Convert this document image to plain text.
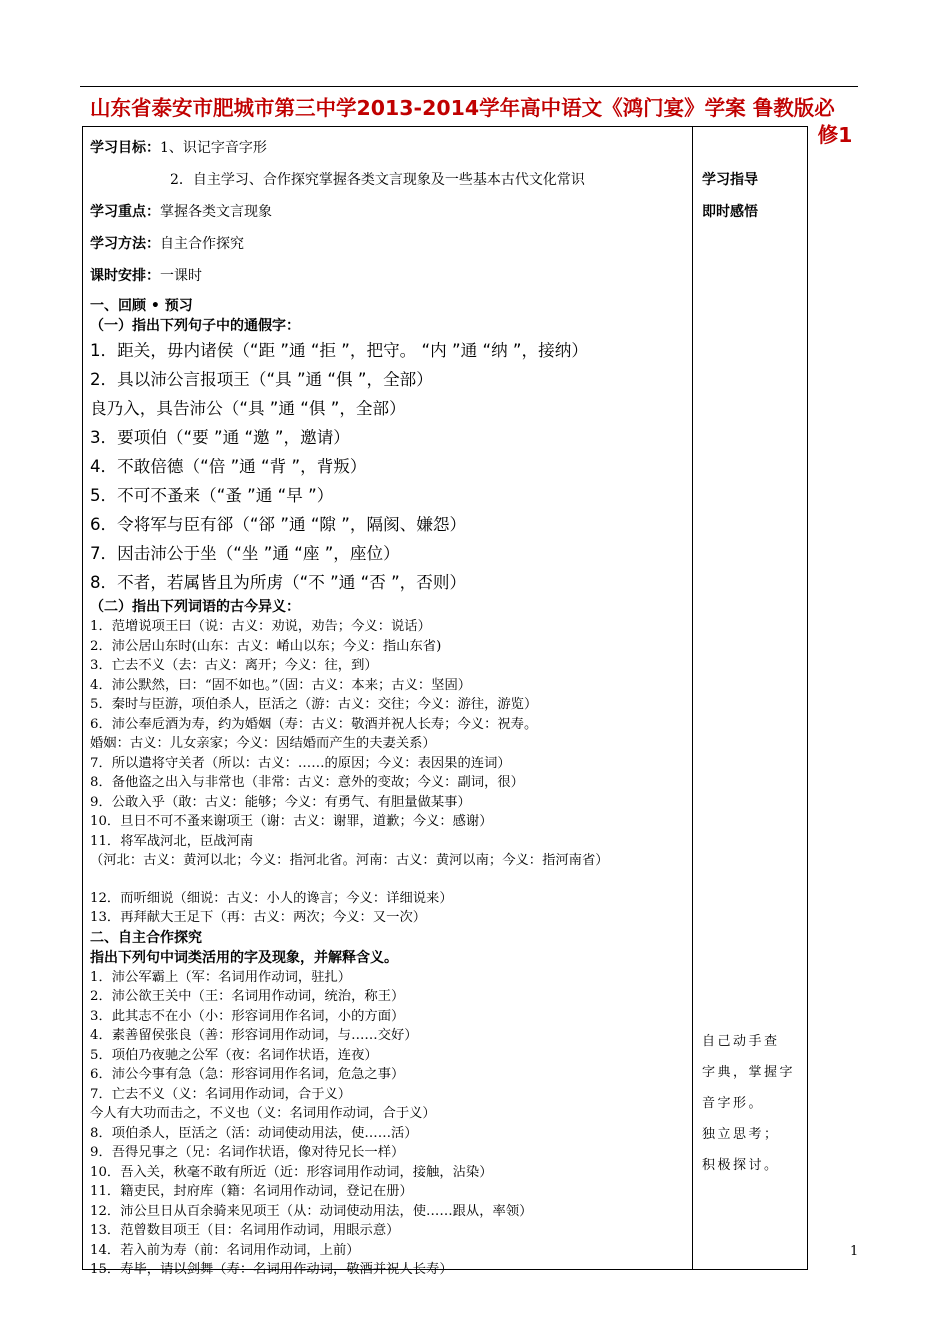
山东省泰安市肥城市第三中学2013-2014学年高中语文《鸿门宴》学案 鲁教版必
修1
学习目标：1、识记字音字形
2．自主学习、合作探究掌握各类文言现象及一些基本古代文化常识
学习重点：掌握各类文言现象
学习方法：自主合作探究
课时安排：一课时
一、回顾 • 预习
（一）指出下列句子中的通假字：
1．距关，毋内诸侯（“距 ”通 “拒 ”，把守。 “内 ”通 “纳 ”，接纳）
2．具以沛公言报项王（“具 ”通 “俱 ”，全部）
良乃入，具告沛公（“具 ”通 “俱 ”，全部）
3．要项伯（“要 ”通 “邀 ”，邀请）
4．不敢倍德（“倍 ”通 “背 ”，背叛）
5．不可不蚤来（“蚤 ”通 “早 ”）
6．令将军与臣有郤（“郤 ”通 “隙 ”，隔阂、嫌怨）
7．因击沛公于坐（“坐 ”通 “座 ”，座位）
8．不者，若属皆且为所虏（“不 ”通 “否 ”，否则）
（二）指出下列词语的古今异义：
1．范增说项王曰（说：古义：劝说，劝告；今义：说话）
2．沛公居山东时(山东：古义：崤山以东；今义：指山东省)
3．亡去不义（去：古义：离开；今义：往，到）
4．沛公默然，曰：“固不如也。”（固：古义：本来；古义：坚固）
5．秦时与臣游，项伯杀人，臣活之（游：古义：交往；今义：游往，游览）
6．沛公奉卮酒为寿，约为婚姻（寿：古义：敬酒并祝人长寿；今义：祝寿。
婚姻：古义：儿女亲家；今义：因结婚而产生的夫妻关系）
7．所以遣将守关者（所以：古义：……的原因；今义：表因果的连词）
8．备他盗之出入与非常也（非常：古义：意外的变故；今义：副词，很）
9．公敢入乎（敢：古义：能够；今义：有勇气、有胆量做某事）
10．旦日不可不蚤来谢项王（谢：古义：谢罪，道歉；今义：感谢）
11．将军战河北，臣战河南
（河北：古义：黄河以北；今义：指河北省。河南：古义：黄河以南；今义：指河南省）
12．而听细说（细说：古义：小人的谗言；今义：详细说来）
13．再拜献大王足下（再：古义：两次；今义：又一次）
二、自主合作探究
指出下列句中词类活用的字及现象，并解释含义。
1．沛公军霸上（军：名词用作动词，驻扎）
2．沛公欲王关中（王：名词用作动词，统治，称王）
3．此其志不在小（小：形容词用作名词，小的方面）
4．素善留侯张良（善：形容词用作动词，与……交好）
5．项伯乃夜驰之公军（夜：名词作状语，连夜）
6．沛公今事有急（急：形容词用作名词，危急之事）
7．亡去不义（义：名词用作动词，合于义）
今人有大功而击之，不义也（义：名词用作动词，合于义）
8．项伯杀人，臣活之（活：动词使动用法，使……活）
9．吾得兄事之（兄：名词作状语，像对待兄长一样）
10．吾入关，秋毫不敢有所近（近：形容词用作动词，接触，沾染）
11．籍吏民，封府库（籍：名词用作动词，登记在册）
12．沛公旦日从百余骑来见项王（从：动词使动用法，使……跟从，率领）
13．范曾数目项王（目：名词用作动词，用眼示意）
14．若入前为寿（前：名词用作动词，上前）
15．寿毕，请以剑舞（寿：名词用作动词，敬酒并祝人长寿）
学习指导
即时感悟
自己动手查
字典，掌握字
音字形。
独立思考；
积极探讨。
1
